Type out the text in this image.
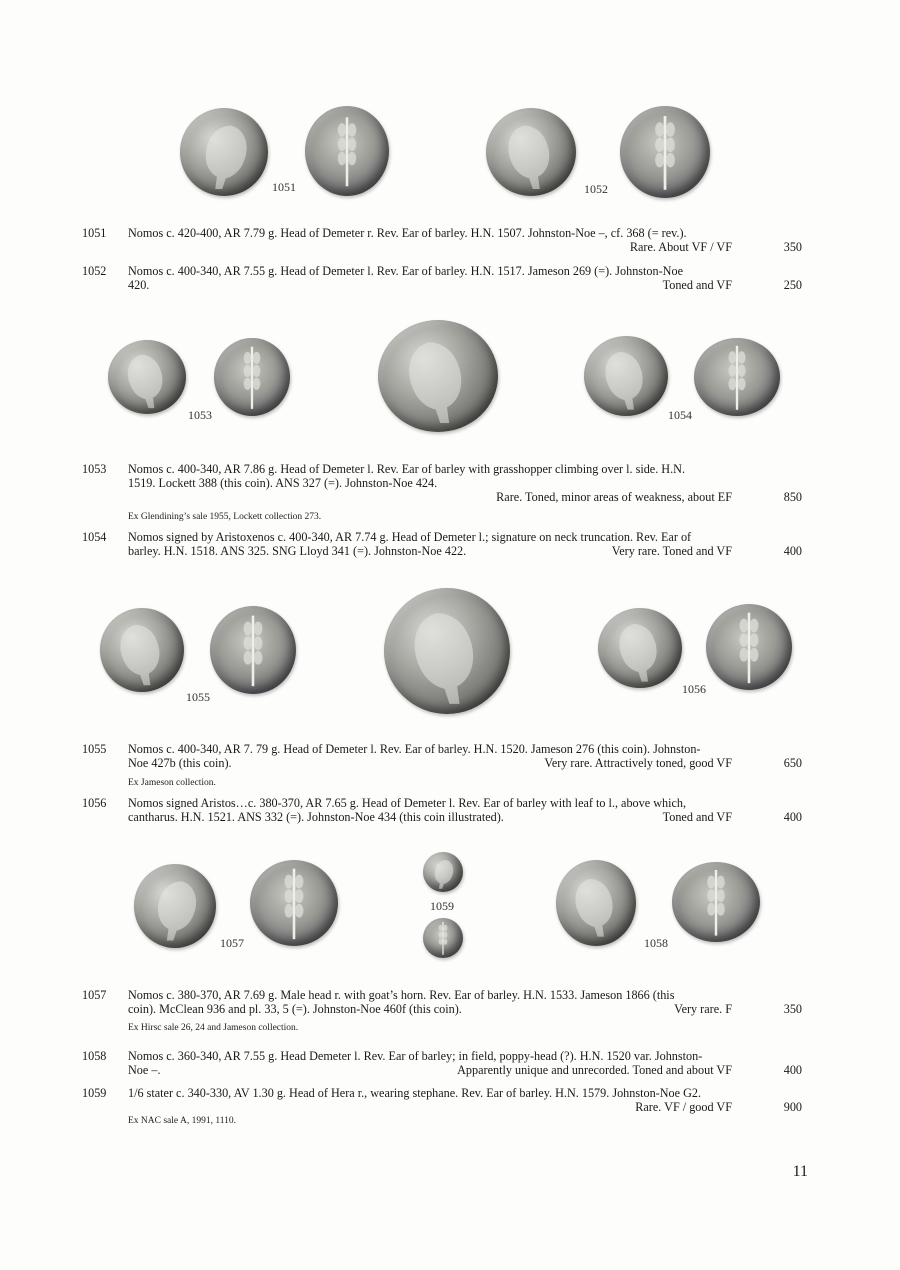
1051	1052
1051	Nomos c. 420-400, AR 7.79 g. Head of Demeter r. Rev. Ear of barley. H.N. 1507. Johnston-Noe –, cf. 368 (= rev.).
Rare. About VF / VF	350
1052	Nomos c. 400-340, AR 7.55 g. Head of Demeter l. Rev. Ear of barley. H.N. 1517. Jameson 269 (=). Johnston-Noe
420.	Toned and VF	250
1053	1054
1053	Nomos c. 400-340, AR 7.86 g. Head of Demeter l. Rev. Ear of barley with grasshopper climbing over l. side. H.N.
1519. Lockett 388 (this coin). ANS 327 (=). Johnston-Noe 424.
Rare. Toned, minor areas of weakness, about EF	850
Ex Glendining’s sale 1955, Lockett collection 273.
1054	Nomos signed by Aristoxenos c. 400-340, AR 7.74 g. Head of Demeter l.; signature on neck truncation. Rev. Ear of
barley. H.N. 1518. ANS 325. SNG Lloyd 341 (=). Johnston-Noe 422.	Very rare. Toned and VF	400
1055
1056
1055	Nomos c. 400-340, AR 7. 79 g. Head of Demeter l. Rev. Ear of barley. H.N. 1520. Jameson 276 (this coin). Johnston-
Noe 427b (this coin).	Very rare. Attractively toned, good VF	650
Ex Jameson collection.
1056	Nomos signed Aristos…c. 380-370, AR 7.65 g. Head of Demeter l. Rev. Ear of barley with leaf to l., above which,
cantharus. H.N. 1521. ANS 332 (=). Johnston-Noe 434 (this coin illustrated).	Toned and VF	400
1057
1059
1058
1057	Nomos c. 380-370, AR 7.69 g. Male head r. with goat’s horn. Rev. Ear of barley. H.N. 1533. Jameson 1866 (this
coin). McClean 936 and pl. 33, 5 (=). Johnston-Noe 460f (this coin).	Very rare. F	350
Ex Hirsc sale 26, 24 and Jameson collection.
1058	Nomos c. 360-340, AR 7.55 g. Head Demeter l. Rev. Ear of barley; in field, poppy-head (?). H.N. 1520 var. Johnston-
Noe –.	Apparently unique and unrecorded. Toned and about VF	400
1059	1/6 stater c. 340-330, AV 1.30 g. Head of Hera r., wearing stephane. Rev. Ear of barley. H.N. 1579. Johnston-Noe G2.
Rare. VF / good VF	900
Ex NAC sale A, 1991, 1110.
11
